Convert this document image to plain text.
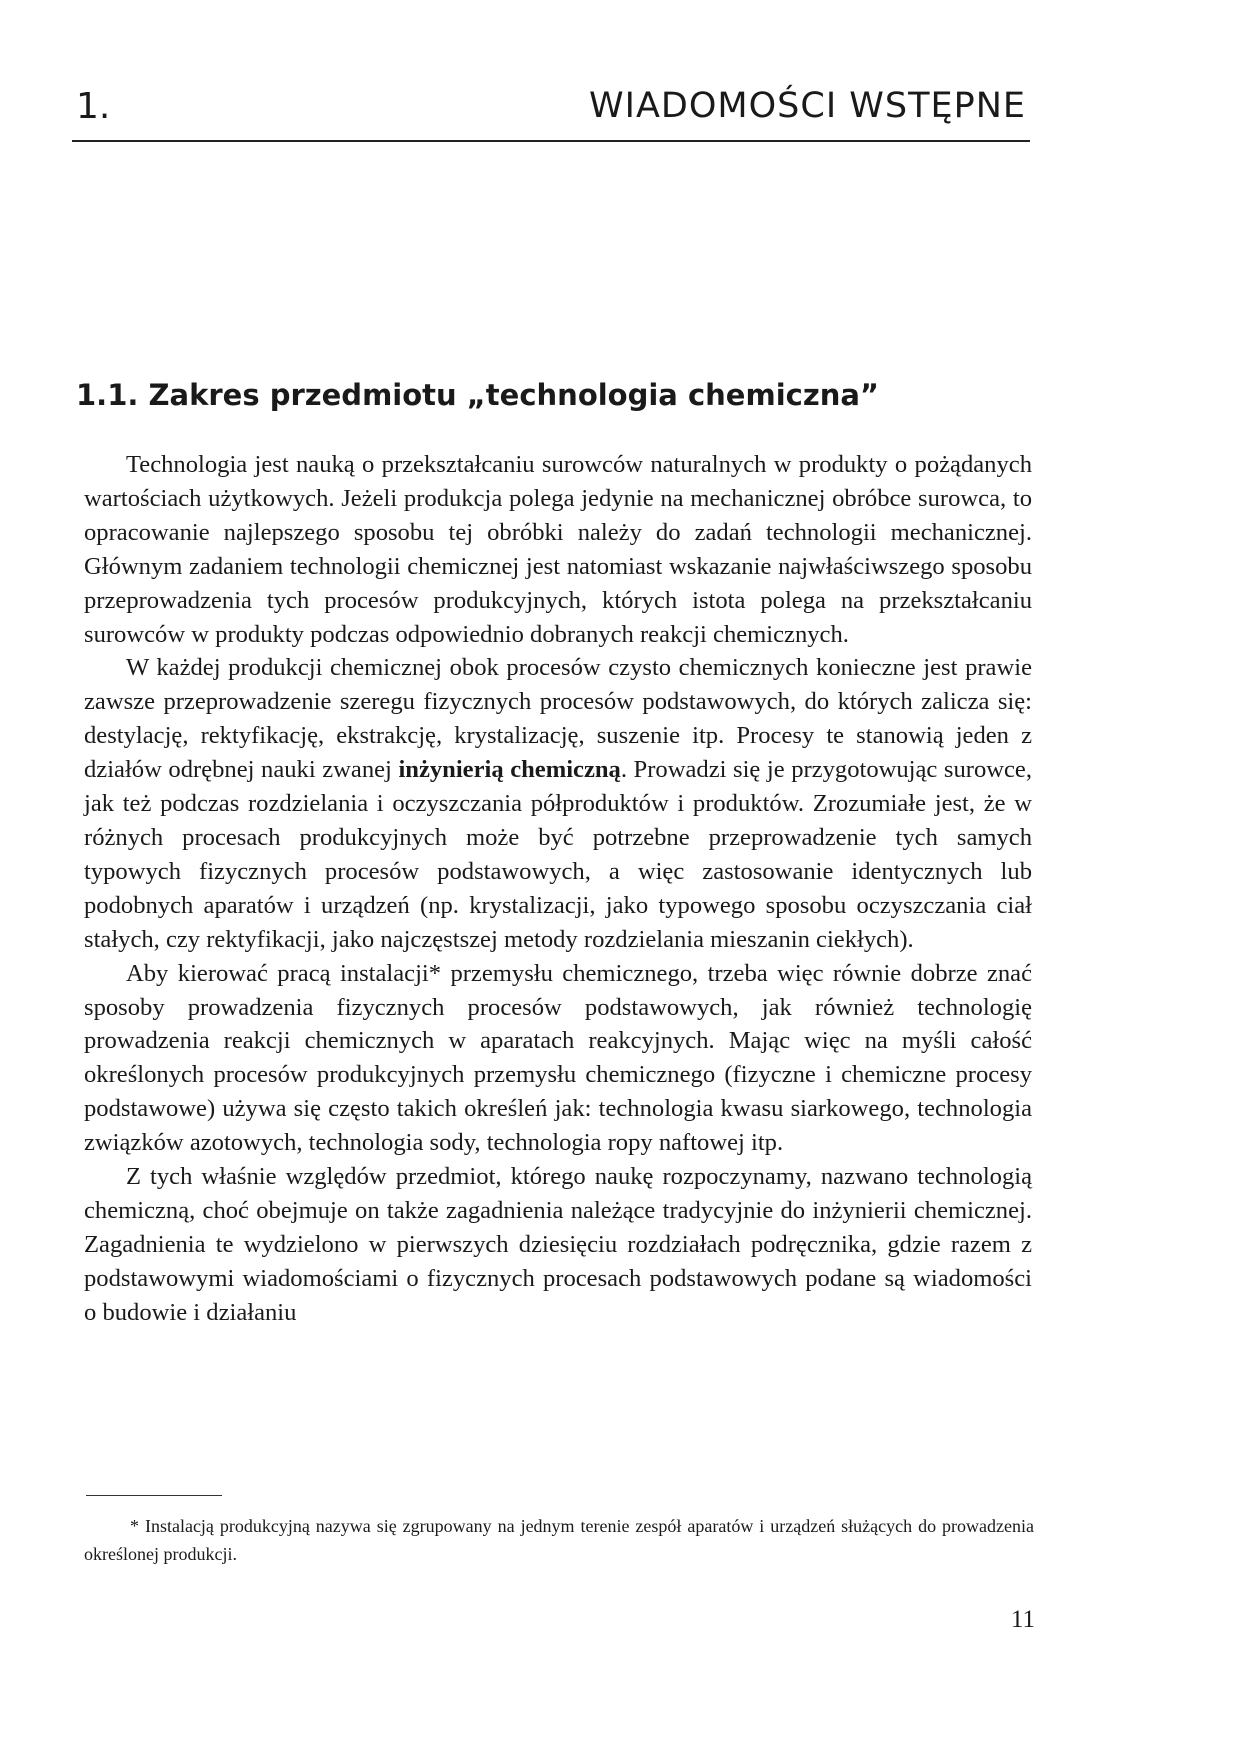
1.	WIADOMOŚCI WSTĘPNE
1.1. Zakres przedmiotu „technologia chemiczna”

Technologia jest nauką o przekształcaniu surowców naturalnych w produkty o pożądanych wartościach użytkowych. Jeżeli produkcja polega jedynie na mechanicznej obróbce surowca, to opracowanie najlepszego sposobu tej obróbki należy do zadań technologii mechanicznej. Głównym zadaniem technologii chemicznej jest natomiast wskazanie najwłaściwszego sposobu przeprowadzenia tych procesów produkcyjnych, których istota polega na przekształcaniu surowców w produkty podczas odpowiednio dobranych reakcji chemicznych.

W każdej produkcji chemicznej obok procesów czysto chemicznych konieczne jest prawie zawsze przeprowadzenie szeregu fizycznych procesów podstawowych, do których zalicza się: destylację, rektyfikację, ekstrakcję, krystalizację, suszenie itp. Procesy te stanowią jeden z działów odrębnej nauki zwanej inżynierią chemiczną. Prowadzi się je przygotowując surowce, jak też podczas rozdzielania i oczyszczania półproduktów i produktów. Zrozumiałe jest, że w różnych procesach produkcyjnych może być potrzebne przeprowadzenie tych samych typowych fizycznych procesów podstawowych, a więc zastosowanie identycznych lub podobnych aparatów i urządzeń (np. krystalizacji, jako typowego sposobu oczyszczania ciał stałych, czy rektyfikacji, jako najczęstszej metody rozdzielania mieszanin ciekłych).

Aby kierować pracą instalacji* przemysłu chemicznego, trzeba więc równie dobrze znać sposoby prowadzenia fizycznych procesów podstawowych, jak również technologię prowadzenia reakcji chemicznych w aparatach reakcyjnych. Mając więc na myśli całość określonych procesów produkcyjnych przemysłu chemicznego (fizyczne i chemiczne procesy podstawowe) używa się często takich określeń jak: technologia kwasu siarkowego, technologia związków azotowych, technologia sody, technologia ropy naftowej itp.

Z tych właśnie względów przedmiot, którego naukę rozpoczynamy, nazwano technologią chemiczną, choć obejmuje on także zagadnienia należące tradycyjnie do inżynierii chemicznej. Zagadnienia te wydzielono w pierwszych dziesięciu rozdziałach podręcznika, gdzie razem z podstawowymi wiadomościami o fizycznych procesach podstawowych podane są wiadomości o budowie i działaniu

* Instalacją produkcyjną nazywa się zgrupowany na jednym terenie zespół aparatów i urządzeń służących do prowadzenia określonej produkcji.

11
